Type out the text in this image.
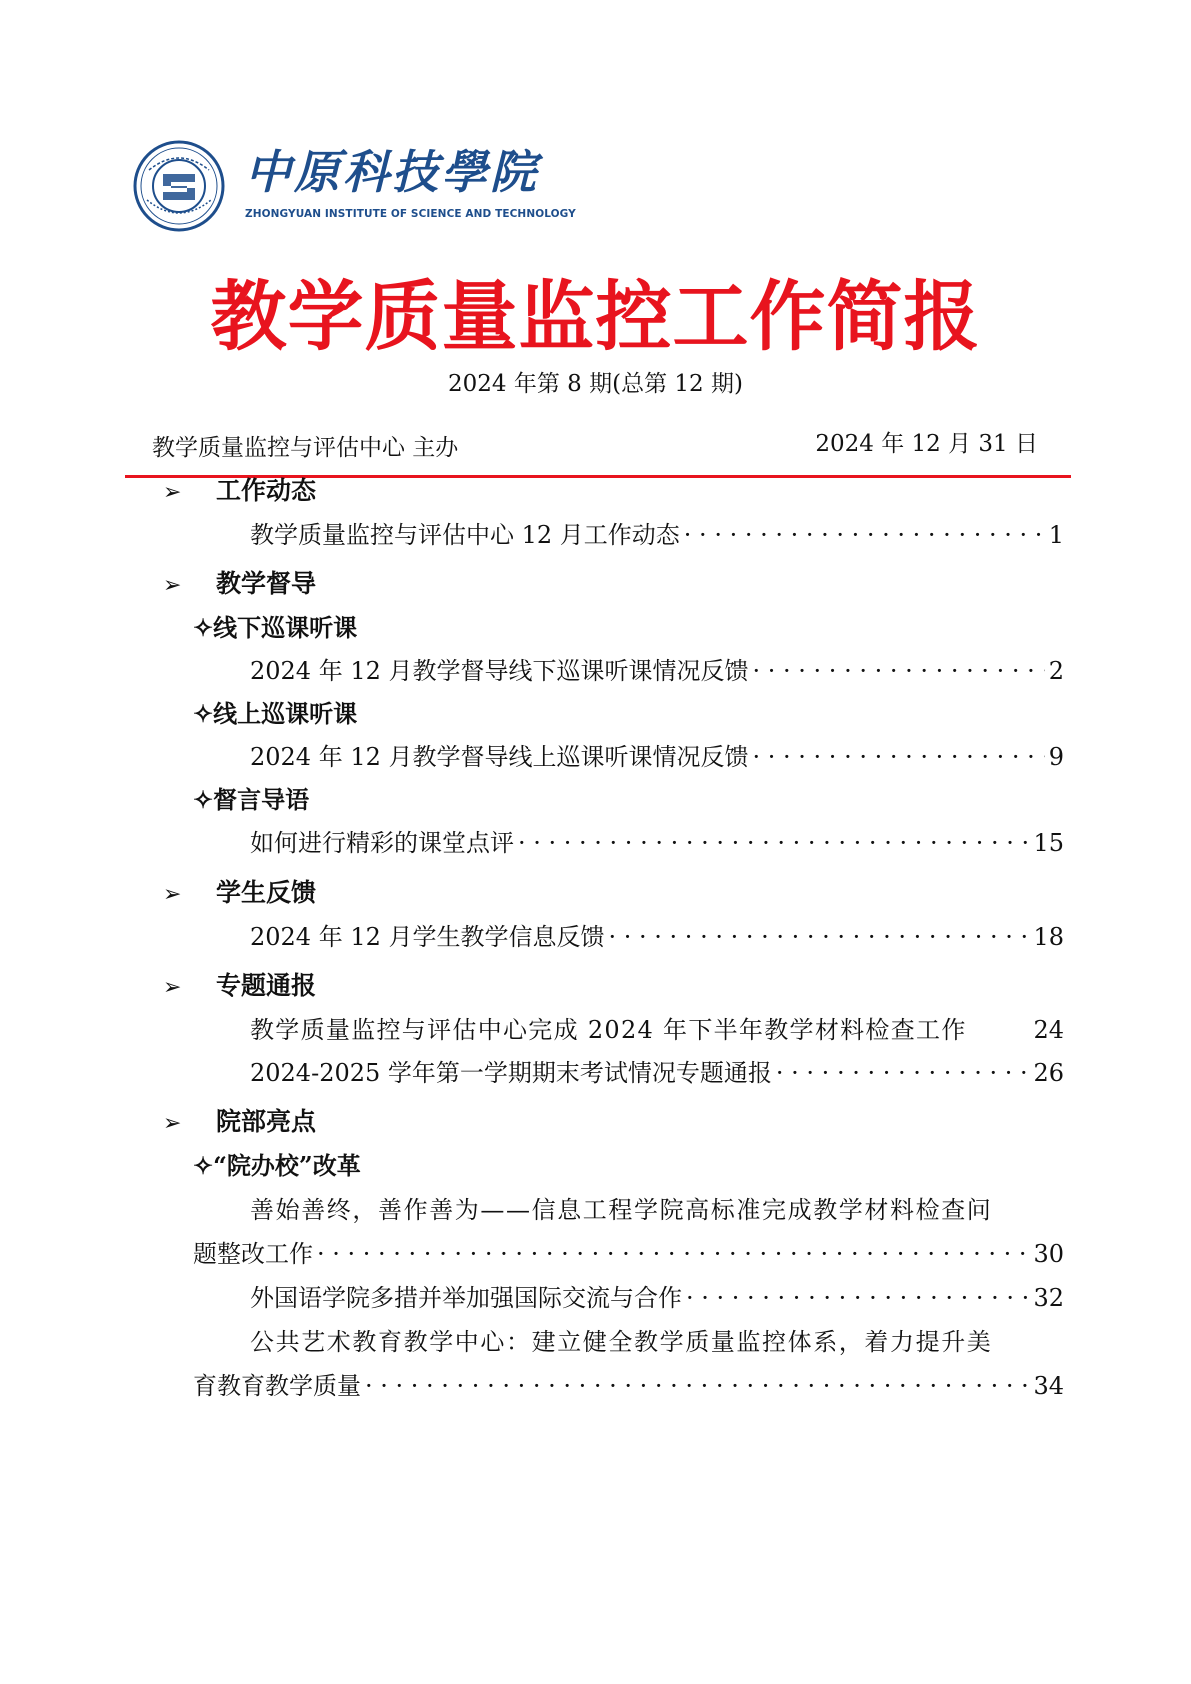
中原科技學院
ZHONGYUAN INSTITUTE OF SCIENCE AND TECHNOLOGY
教学质量监控工作简报
2024 年第 8 期(总第 12 期)
教学质量监控与评估中心 主办	2024 年 12 月 31 日
➢ 工作动态
教学质量监控与评估中心 12 月工作动态 · · ·	1
➢ 教学督导
✧线下巡课听课
2024 年 12 月教学督导线下巡课听课情况反馈 · · ·	2
✧线上巡课听课
2024 年 12 月教学督导线上巡课听课情况反馈 · · ·	9
✧督言导语
如何进行精彩的课堂点评 · · ·	15
➢ 学生反馈
2024 年 12 月学生教学信息反馈 · · ·	18
➢ 专题通报
教学质量监控与评估中心完成 2024 年下半年教学材料检查工作	24
2024-2025 学年第一学期期末考试情况专题通报 · · ·	26
➢ 院部亮点
✧“院办校”改革
善始善终，善作善为——信息工程学院高标准完成教学材料检查问
题整改工作 · · ·	30
外国语学院多措并举加强国际交流与合作 · · ·	32
公共艺术教育教学中心：建立健全教学质量监控体系，着力提升美
育教育教学质量 · · ·	34
